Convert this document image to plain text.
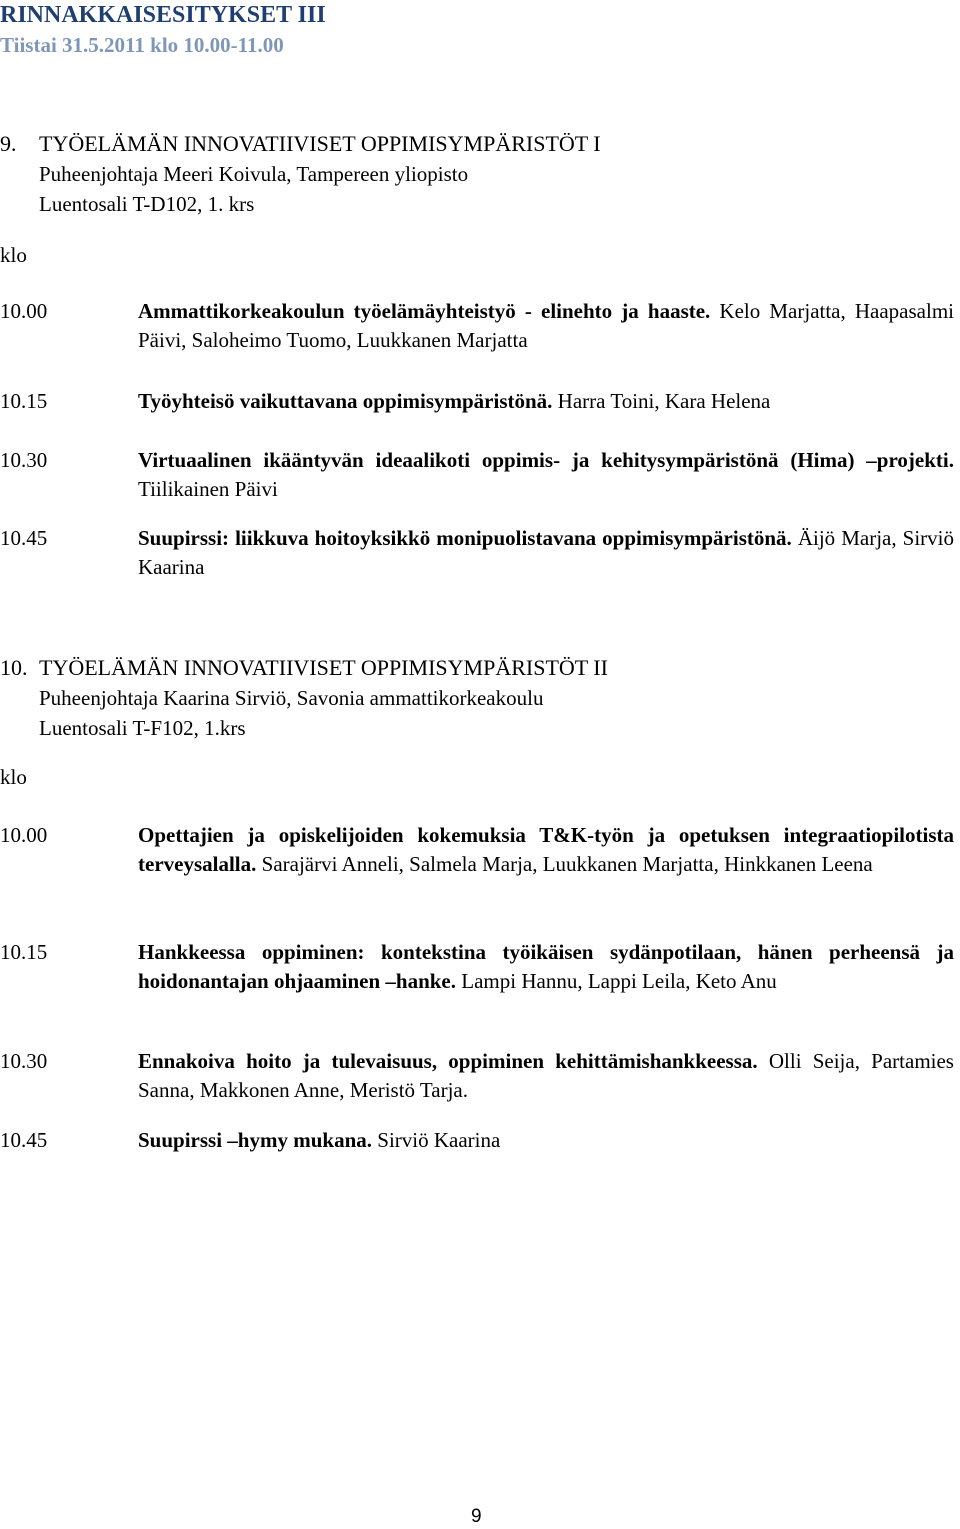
RINNAKKAISESITYKSET III
Tiistai 31.5.2011 klo 10.00-11.00
9. TYÖELÄMÄN INNOVATIIVISET OPPIMISYMPÄRISTÖT I
Puheenjohtaja Meeri Koivula, Tampereen yliopisto
Luentosali T-D102, 1. krs
klo
10.00	Ammattikorkeakoulun työelämäyhteistyö - elinehto ja haaste. Kelo Marjatta, Haapasalmi Päivi, Saloheimo Tuomo, Luukkanen Marjatta
10.15	Työyhteisö vaikuttavana oppimisympäristönä. Harra Toini, Kara Helena
10.30	Virtuaalinen ikääntyvän ideaalikoti oppimis- ja kehitysympäristönä (Hima) –projekti. Tiilikainen Päivi
10.45	Suupirssi: liikkuva hoitoyksikkö monipuolistavana oppimisympäristönä. Äijö Marja, Sirviö Kaarina
10. TYÖELÄMÄN INNOVATIIVISET OPPIMISYMPÄRISTÖT II
Puheenjohtaja Kaarina Sirviö, Savonia ammattikorkeakoulu
Luentosali T-F102, 1.krs
klo
10.00	Opettajien ja opiskelijoiden kokemuksia T&K-työn ja opetuksen integraatiopilotista terveysalalla. Sarajärvi Anneli, Salmela Marja, Luukkanen Marjatta, Hinkkanen Leena
10.15	Hankkeessa oppiminen: kontekstina työikäisen sydänpotilaan, hänen perheensä ja hoidonantajan ohjaaminen –hanke. Lampi Hannu, Lappi Leila, Keto Anu
10.30	Ennakoiva hoito ja tulevaisuus, oppiminen kehittämishankkeessa. Olli Seija, Partamies Sanna, Makkonen Anne, Meristö Tarja.
10.45	Suupirssi –hymy mukana. Sirviö Kaarina
9
